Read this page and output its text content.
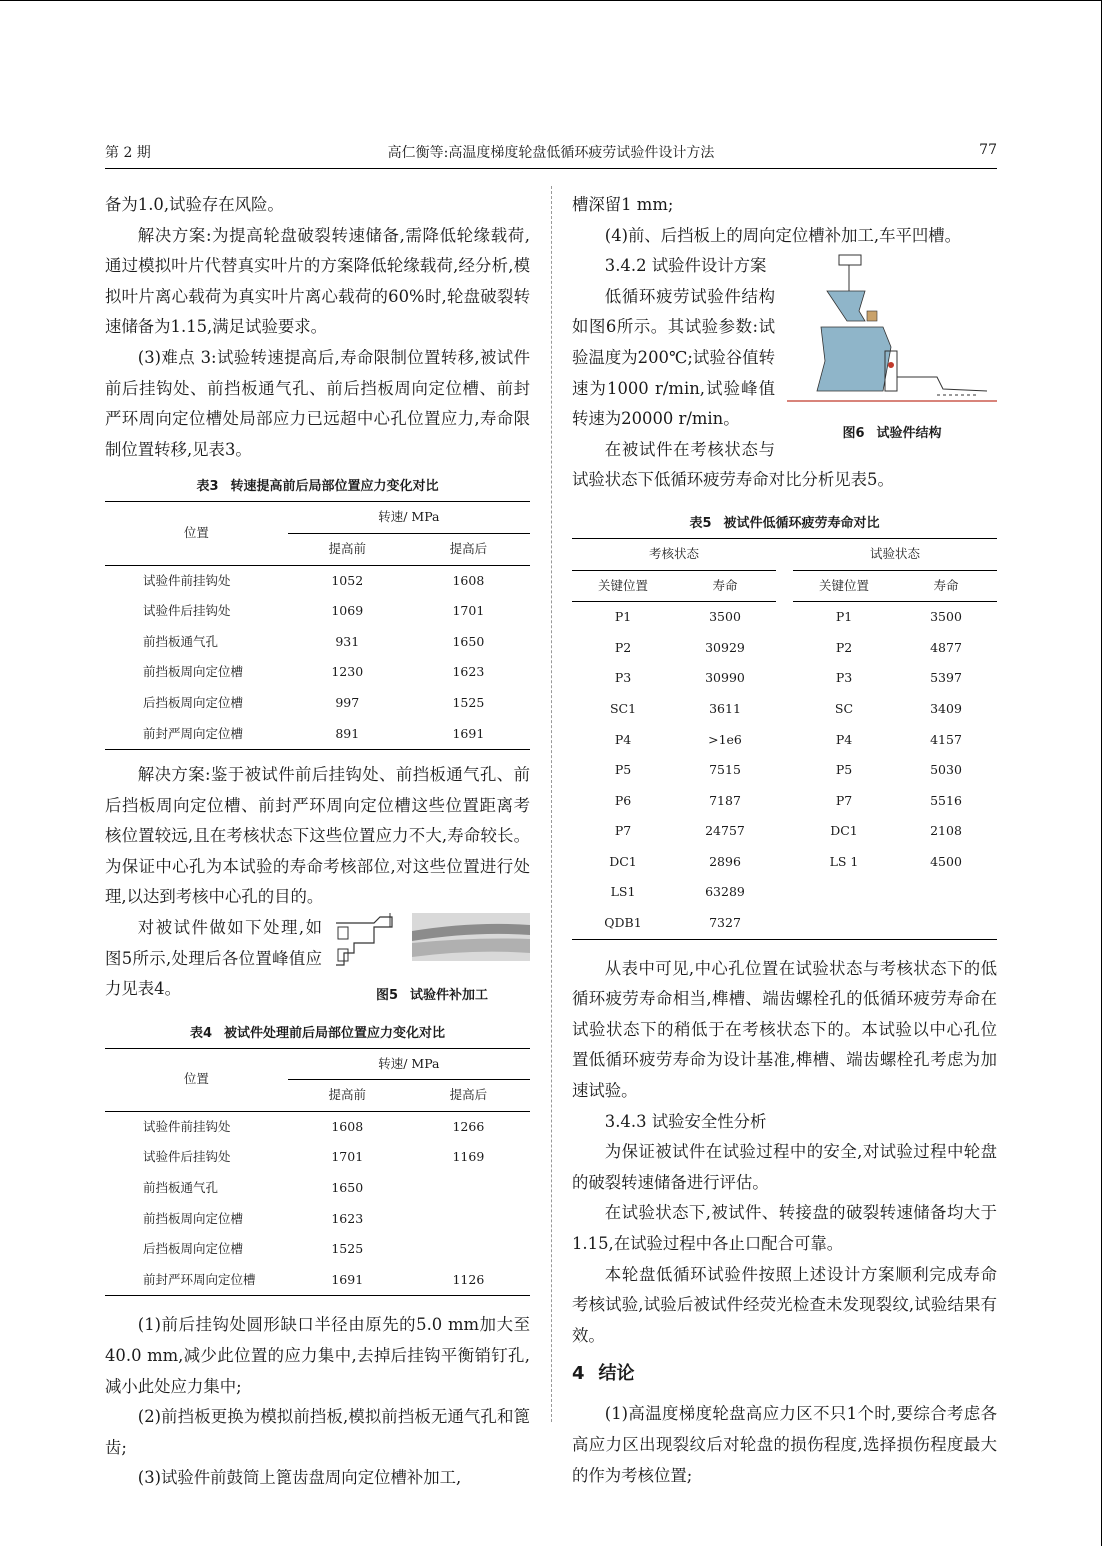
第 2 期	高仁衡等:高温度梯度轮盘低循环疲劳试验件设计方法	77

备为1.0,试验存在风险。

解决方案:为提高轮盘破裂转速储备,需降低轮缘载荷,通过模拟叶片代替真实叶片的方案降低轮缘载荷,经分析,模拟叶片离心载荷为真实叶片离心载荷的60%时,轮盘破裂转速储备为1.15,满足试验要求。

(3)难点 3:试验转速提高后,寿命限制位置转移,被试件前后挂钩处、前挡板通气孔、前后挡板周向定位槽、前封严环周向定位槽处局部应力已远超中心孔位置应力,寿命限制位置转移,见表3。

表3 转速提高前后局部位置应力变化对比
位置	转速/ MPa	
	提高前	提高后
试验件前挂钩处	1052	1608
试验件后挂钩处	1069	1701
前挡板通气孔	931	1650
前挡板周向定位槽	1230	1623
后挡板周向定位槽	997	1525
前封严周向定位槽	891	1691

解决方案:鉴于被试件前后挂钩处、前挡板通气孔、前后挡板周向定位槽、前封严环周向定位槽这些位置距离考核位置较远,且在考核状态下这些位置应力不大,寿命较长。为保证中心孔为本试验的寿命考核部位,对这些位置进行处理,以达到考核中心孔的目的。

图5 试验件补加工

对被试件做如下处理,如图5所示,处理后各位置峰值应力见表4。

表4 被试件处理前后局部位置应力变化对比
位置	转速/ MPa	
	提高前	提高后
试验件前挂钩处	1608	1266
试验件后挂钩处	1701	1169
前挡板通气孔	1650	
前挡板周向定位槽	1623	
后挡板周向定位槽	1525	
前封严环周向定位槽	1691	1126

(1)前后挂钩处圆形缺口半径由原先的5.0 mm加大至40.0 mm,减少此位置的应力集中,去掉后挂钩平衡销钉孔,减小此处应力集中;

(2)前挡板更换为模拟前挡板,模拟前挡板无通气孔和篦齿;

(3)试验件前鼓筒上篦齿盘周向定位槽补加工,

槽深留1 mm;

(4)前、后挡板上的周向定位槽补加工,车平凹槽。

图6 试验件结构

3.4.2 试验件设计方案

低循环疲劳试验件结构如图6所示。其试验参数:试验温度为200℃;试验谷值转速为1000 r/min,试验峰值转速为20000 r/min。

在被试件在考核状态与试验状态下低循环疲劳寿命对比分析见表5。

表5 被试件低循环疲劳寿命对比
考核状态			试验状态	
关键位置	寿命		关键位置	寿命
P1	3500		P1	3500
P2	30929		P2	4877
P3	30990		P3	5397
SC1	3611		SC	3409
P4	>1e6		P4	4157
P5	7515		P5	5030
P6	7187		P7	5516
P7	24757		DC1	2108
DC1	2896		LS 1	4500
LS1	63289			
QDB1	7327			

从表中可见,中心孔位置在试验状态与考核状态下的低循环疲劳寿命相当,榫槽、端齿螺栓孔的低循环疲劳寿命在试验状态下的稍低于在考核状态下的。本试验以中心孔位置低循环疲劳寿命为设计基准,榫槽、端齿螺栓孔考虑为加速试验。

3.4.3 试验安全性分析

为保证被试件在试验过程中的安全,对试验过程中轮盘的破裂转速储备进行评估。

在试验状态下,被试件、转接盘的破裂转速储备均大于1.15,在试验过程中各止口配合可靠。

本轮盘低循环试验件按照上述设计方案顺利完成寿命考核试验,试验后被试件经荧光检查未发现裂纹,试验结果有效。

4 结论

(1)高温度梯度轮盘高应力区不只1个时,要综合考虑各高应力区出现裂纹后对轮盘的损伤程度,选择损伤程度最大的作为考核位置;
